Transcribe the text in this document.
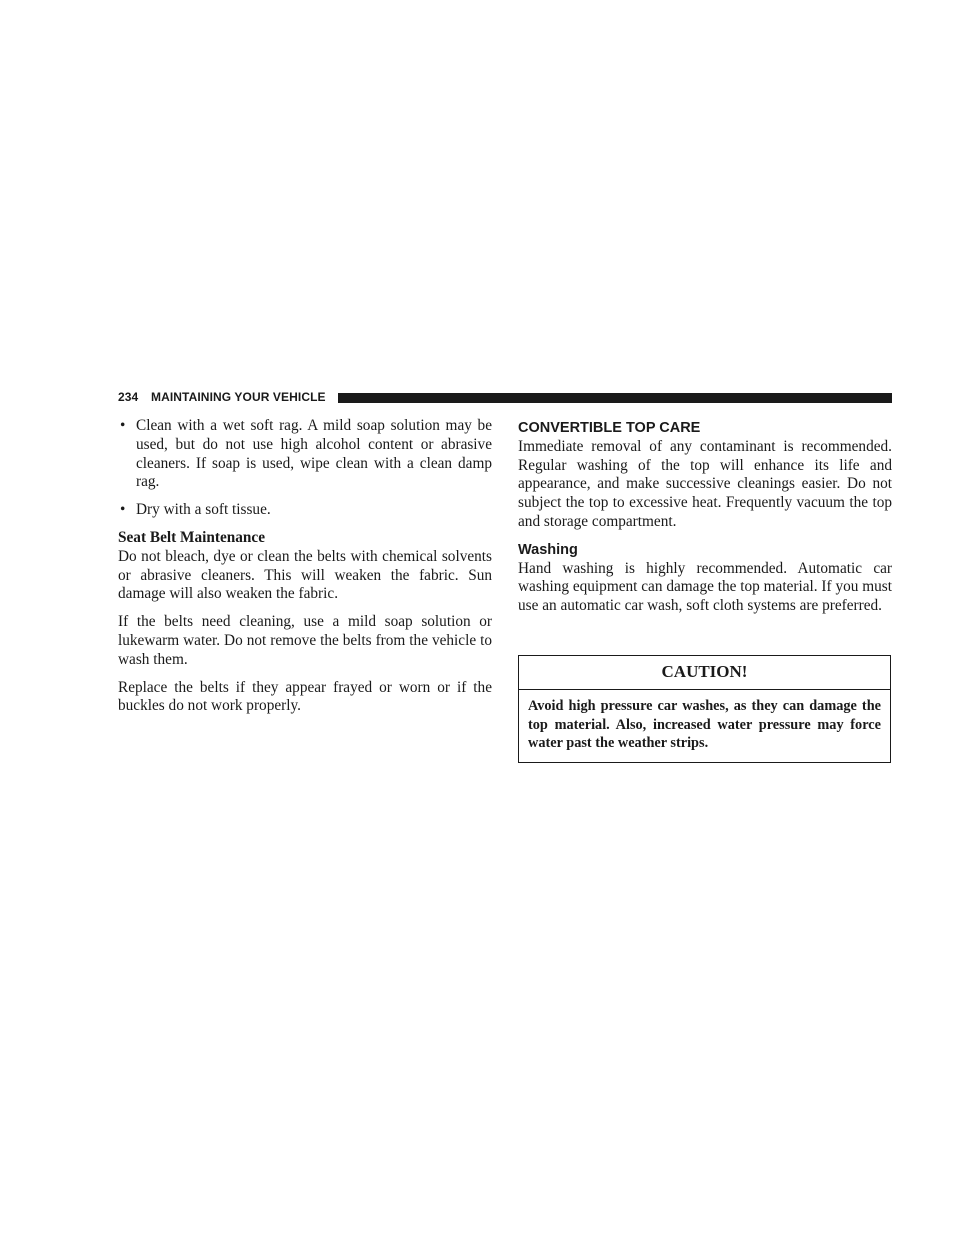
234 MAINTAINING YOUR VEHICLE
• Clean with a wet soft rag. A mild soap solution may be used, but do not use high alcohol content or abrasive cleaners. If soap is used, wipe clean with a clean damp rag.
• Dry with a soft tissue.
Seat Belt Maintenance

Do not bleach, dye or clean the belts with chemical solvents or abrasive cleaners. This will weaken the fabric. Sun damage will also weaken the fabric.

If the belts need cleaning, use a mild soap solution or lukewarm water. Do not remove the belts from the vehicle to wash them.

Replace the belts if they appear frayed or worn or if the buckles do not work properly.

CONVERTIBLE TOP CARE

Immediate removal of any contaminant is recommended. Regular washing of the top will enhance its life and appearance, and make successive cleanings easier. Do not subject the top to excessive heat. Frequently vacuum the top and storage compartment.

Washing

Hand washing is highly recommended. Automatic car washing equipment can damage the top material. If you must use an automatic car wash, soft cloth systems are preferred.

CAUTION!
Avoid high pressure car washes, as they can damage the top material. Also, increased water pressure may force water past the weather strips.
